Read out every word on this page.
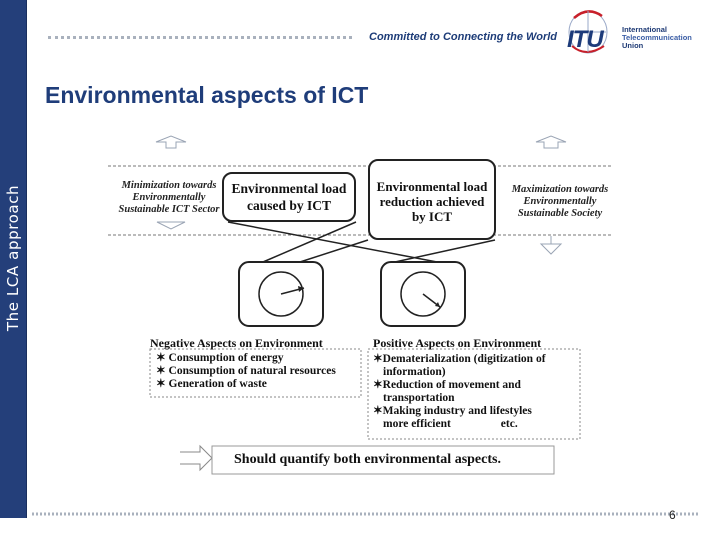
Committed to Connecting the World ITU	International
Telecommunication
Union
The LCA approach
Environmental aspects of ICT
Minimization towards
Environmentally
Sustainable ICT Sector
Maximization towards
Environmentally
Sustainable Society
Environmental load
caused by ICT
Environmental load
reduction achieved
by ICT
Negative Aspects on Environment
✶ Consumption of energy
✶ Consumption of natural resources
✶ Generation of waste
Positive Aspects on Environment
✶Dematerialization (digitization of
information)
✶Reduction of movement and
transportation
✶Making industry and lifestyles
more efficient	etc.
Should quantify both environmental aspects.
6
